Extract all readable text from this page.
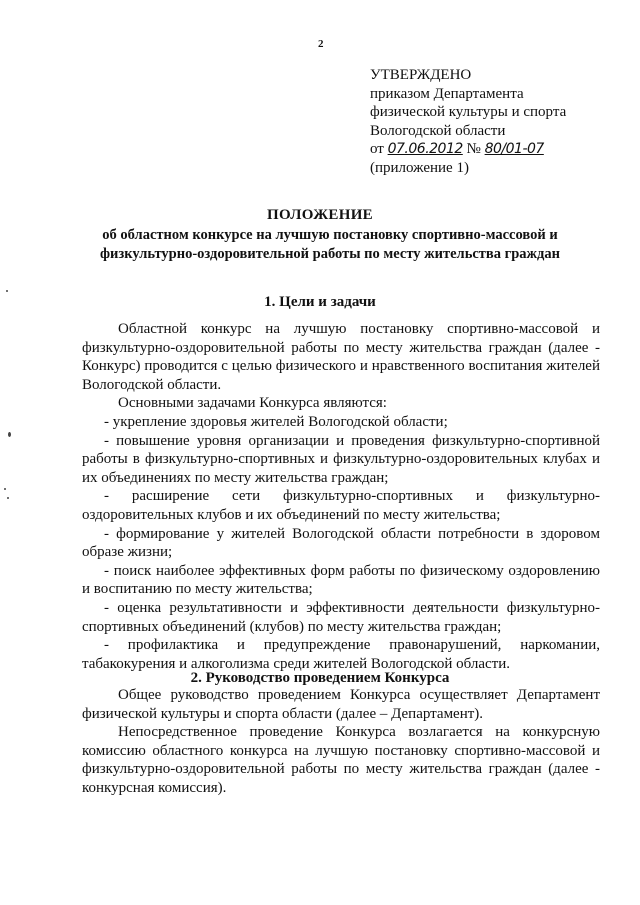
2
УТВЕРЖДЕНО
приказом Департамента
физической культуры и спорта
Вологодской области
от 07.06.2012 № 80/01-07
(приложение 1)
ПОЛОЖЕНИЕ
об областном конкурсе на лучшую постановку спортивно-массовой и физкультурно-оздоровительной работы по месту жительства граждан
1. Цели и задачи

Областной конкурс на лучшую постановку спортивно-массовой и физкультурно-оздоровительной работы по месту жительства граждан (далее - Конкурс) проводится с целью физического и нравственного воспитания жителей Вологодской области.

Основными задачами Конкурса являются:

- укрепление здоровья жителей Вологодской области;

- повышение уровня организации и проведения физкультурно-спортивной работы в физкультурно-спортивных и физкультурно-оздоровительных клубах и их объединениях по месту жительства граждан;

- расширение сети физкультурно-спортивных и физкультурно-оздоровительных клубов и их объединений по месту жительства;

- формирование у жителей Вологодской области потребности в здоровом образе жизни;

- поиск наиболее эффективных форм работы по физическому оздоровлению и воспитанию по месту жительства;

- оценка результативности и эффективности деятельности физкультурно-спортивных объединений (клубов) по месту жительства граждан;

- профилактика и предупреждение правонарушений, наркомании, табакокурения и алкоголизма среди жителей Вологодской области.

2. Руководство проведением Конкурса

Общее руководство проведением Конкурса осуществляет Департамент физической культуры и спорта области (далее – Департамент).

Непосредственное проведение Конкурса возлагается на конкурсную комиссию областного конкурса на лучшую постановку спортивно-массовой и физкультурно-оздоровительной работы по месту жительства граждан (далее - конкурсная комиссия).
